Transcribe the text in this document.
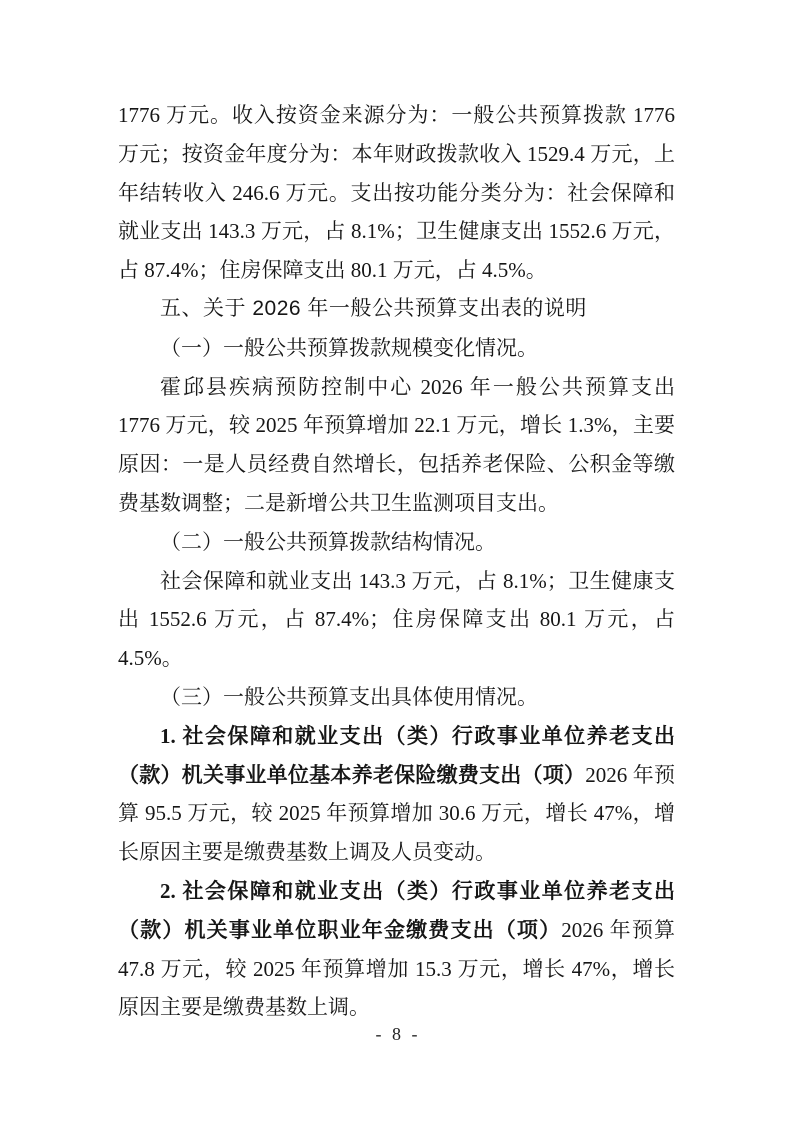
1776 万元。收入按资金来源分为：一般公共预算拨款 1776 万元；按资金年度分为：本年财政拨款收入 1529.4 万元，上年结转收入 246.6 万元。支出按功能分类分为：社会保障和就业支出 143.3 万元，占 8.1%；卫生健康支出 1552.6 万元，占 87.4%；住房保障支出 80.1 万元，占 4.5%。

五、关于 2026 年一般公共预算支出表的说明
（一）一般公共预算拨款规模变化情况。

霍邱县疾病预防控制中心 2026 年一般公共预算支出 1776 万元，较 2025 年预算增加 22.1 万元，增长 1.3%，主要原因：一是人员经费自然增长，包括养老保险、公积金等缴费基数调整；二是新增公共卫生监测项目支出。

（二）一般公共预算拨款结构情况。

社会保障和就业支出 143.3 万元，占 8.1%；卫生健康支出 1552.6 万元，占 87.4%；住房保障支出 80.1 万元，占 4.5%。

（三）一般公共预算支出具体使用情况。

1. 社会保障和就业支出（类）行政事业单位养老支出（款）机关事业单位基本养老保险缴费支出（项）2026 年预算 95.5 万元，较 2025 年预算增加 30.6 万元，增长 47%，增长原因主要是缴费基数上调及人员变动。

2. 社会保障和就业支出（类）行政事业单位养老支出（款）机关事业单位职业年金缴费支出（项）2026 年预算 47.8 万元，较 2025 年预算增加 15.3 万元，增长 47%，增长原因主要是缴费基数上调。

- 8 -
